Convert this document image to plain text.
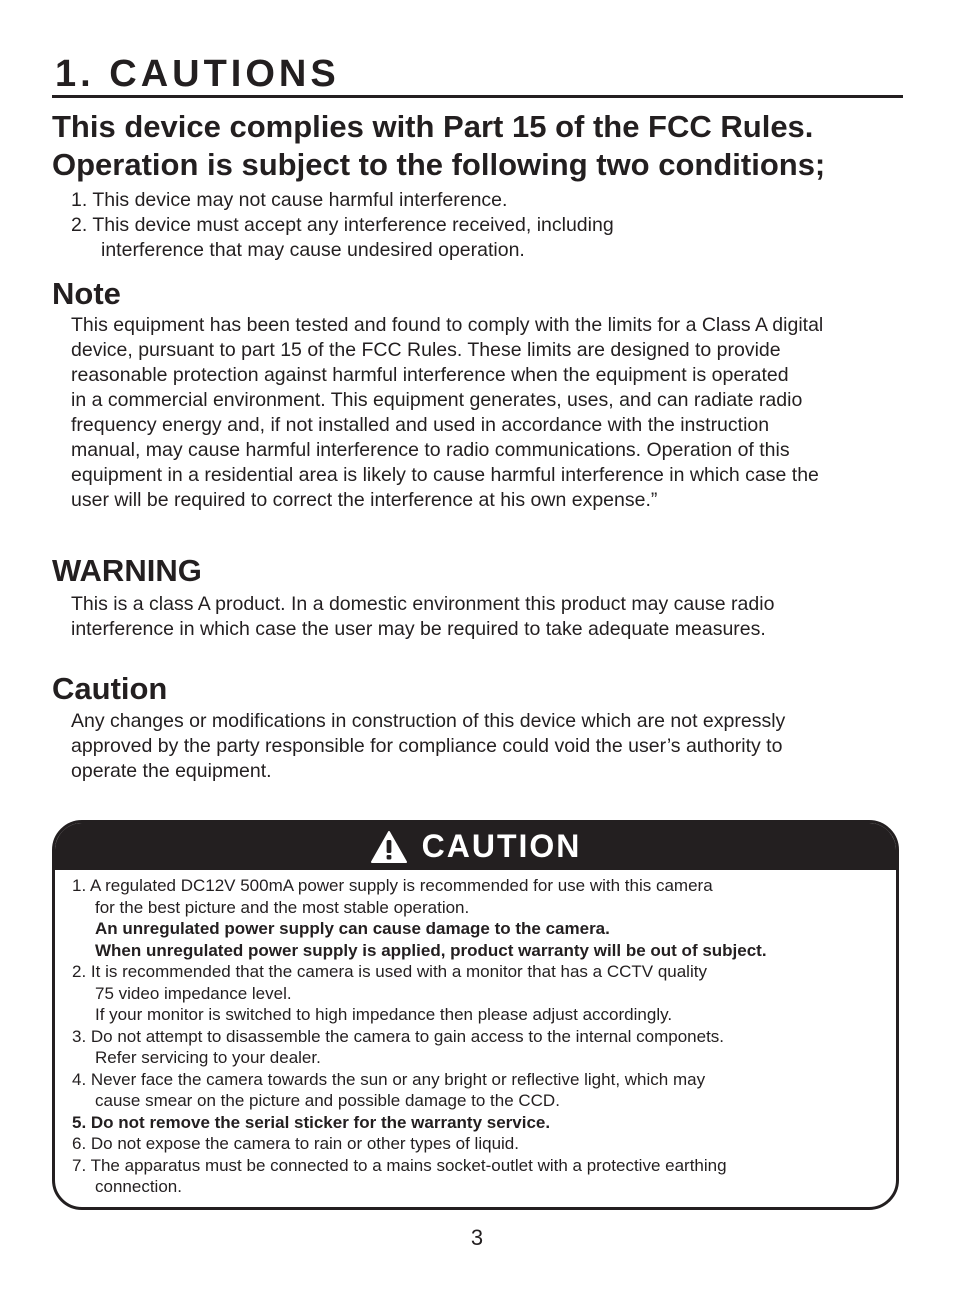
1. CAUTIONS
This device complies with Part 15 of the FCC Rules.
Operation is subject to the following two conditions;
1. This device may not cause harmful interference.
2. This device must accept any interference received, including
interference that may cause undesired operation.
Note
This equipment has been tested and found to comply with the limits for a Class A digital
device, pursuant to part 15 of the FCC Rules. These limits are designed to provide
reasonable protection against harmful interference when the equipment is operated
in a commercial environment. This equipment generates, uses, and can radiate radio
frequency energy and, if not installed and used in accordance with the instruction
manual, may cause harmful interference to radio communications. Operation of this
equipment in a residential area is likely to cause harmful interference in which case the
user will be required to correct the interference at his own expense.”
WARNING
This is a class A product. In a domestic environment this product may cause radio
interference in which case the user may be required to take adequate measures.
Caution
Any changes or modifications in construction of this device which are not expressly
approved by the party responsible for compliance could void the user’s authority to
operate the equipment.
CAUTION
1. A regulated DC12V 500mA power supply is recommended for use with this camera
for the best picture and the most stable operation.
An unregulated power supply can cause damage to the camera.
When unregulated power supply is applied, product warranty will be out of subject.
2. It is recommended that the camera is used with a monitor that has a CCTV quality
75 video impedance level.
If your monitor is switched to high impedance then please adjust accordingly.
3. Do not attempt to disassemble the camera to gain access to the internal componets.
Refer servicing to your dealer.
4. Never face the camera towards the sun or any bright or reflective light, which may
cause smear on the picture and possible damage to the CCD.
5. Do not remove the serial sticker for the warranty service.
6. Do not expose the camera to rain or other types of liquid.
7. The apparatus must be connected to a mains socket-outlet with a protective earthing
connection.
3
